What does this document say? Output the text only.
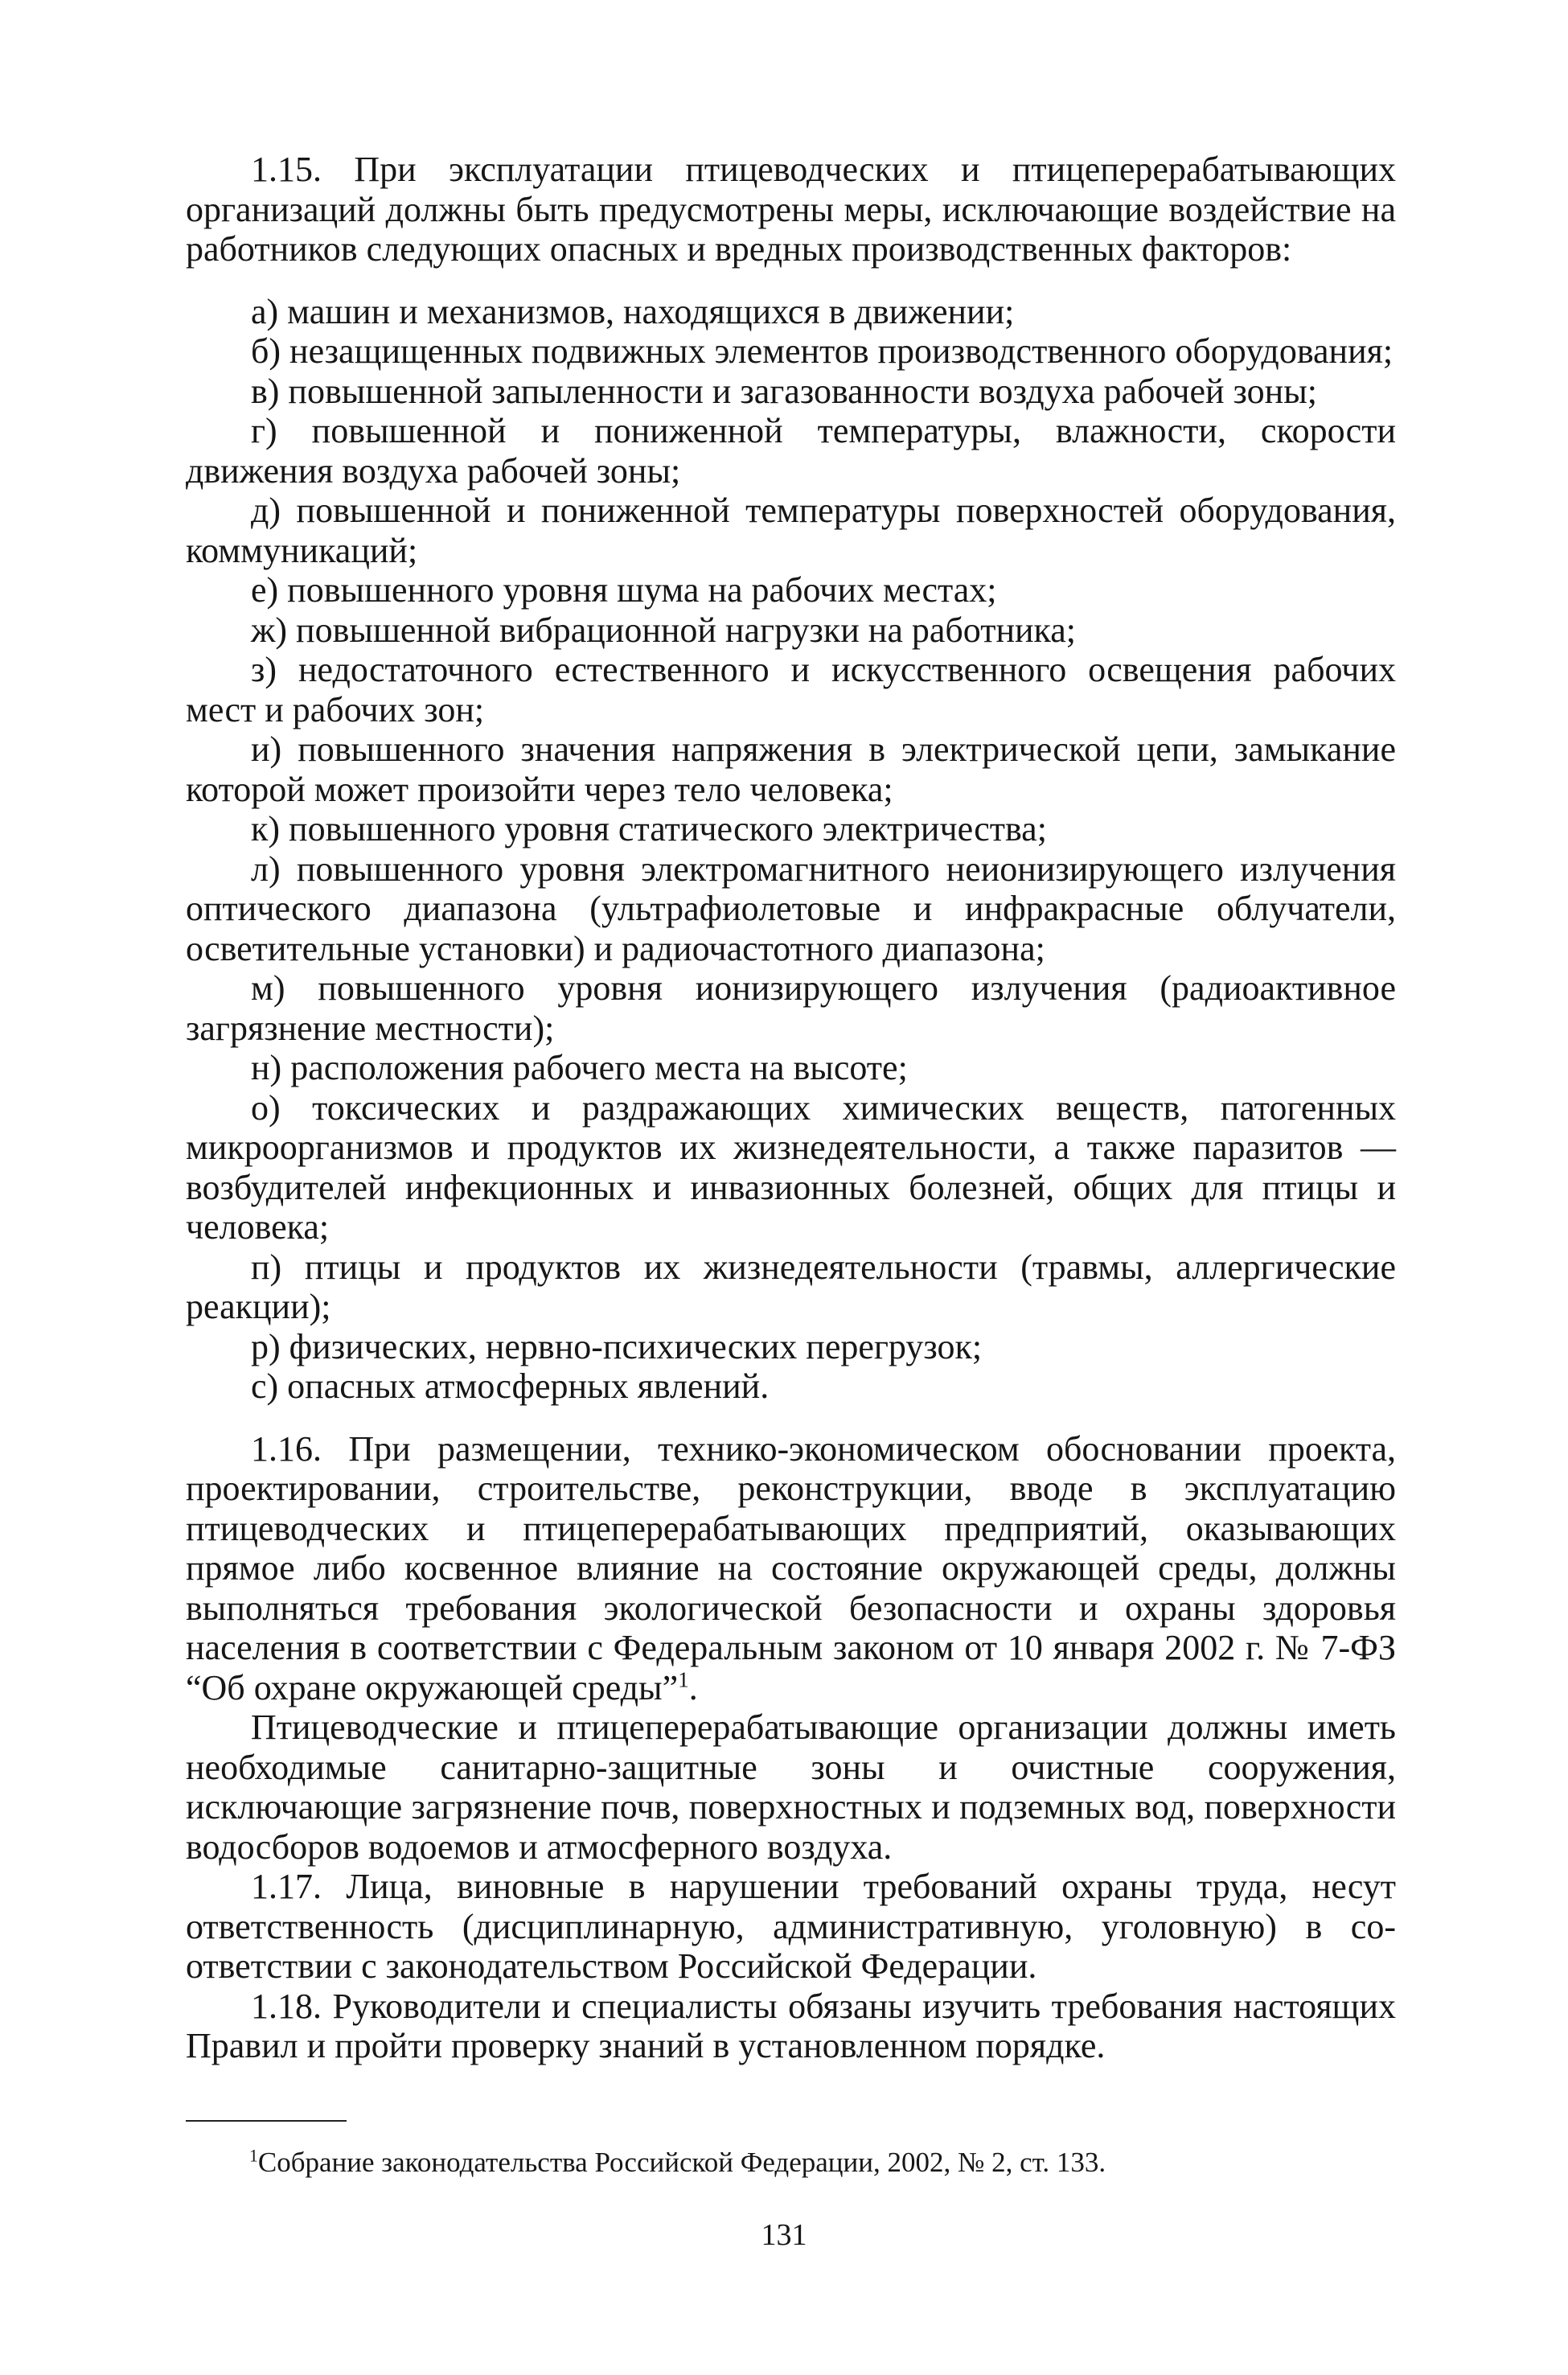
1.15. При эксплуатации птицеводческих и птицеперерабатывающих организаций должны быть предусмотрены меры, исключающие воздействие на работников следующих опасных и вредных производственных факторов:

а) машин и механизмов, находящихся в движении;

б) незащищенных подвижных элементов производственного оборудования;

в) повышенной запыленности и загазованности воздуха рабочей зоны;

г) повышенной и пониженной температуры, влажности, скорости движения воздуха рабочей зоны;

д) повышенной и пониженной температуры поверхностей оборудования, коммуникаций;

е) повышенного уровня шума на рабочих местах;

ж) повышенной вибрационной нагрузки на работника;

з) недостаточного естественного и искусственного освещения рабочих мест и рабочих зон;

и) повышенного значения напряжения в электрической цепи, замыкание которой может произойти через тело человека;

к) повышенного уровня статического электричества;

л) повышенного уровня электромагнитного неионизирующего излучения оптического диапазона (ультрафиолетовые и инфракрасные облучатели, осветительные установки) и радиочастотного диапазона;

м) повышенного уровня ионизирующего излучения (радиоактивное загрязнение местности);

н) расположения рабочего места на высоте;

о) токсических и раздражающих химических веществ, патогенных микроорганизмов и продуктов их жизнедеятельности, а также паразитов — возбудителей инфекционных и инвазионных болезней, общих для птицы и человека;

п) птицы и продуктов их жизнедеятельности (травмы, аллергические реакции);

р) физических, нервно-психических перегрузок;

с) опасных атмосферных явлений.

1.16. При размещении, технико-экономическом обосновании проекта, проектировании, строительстве, реконструкции, вводе в эксплуатацию птицеводческих и птицеперерабатывающих предприятий, оказывающих прямое либо косвенное влияние на состояние окружающей среды, должны выполняться требования экологической безопасности и охраны здоровья населения в соответствии с Федеральным законом от 10 января 2002 г. № 7-ФЗ “Об охране окружающей среды”$^1$.

Птицеводческие и птицеперерабатывающие организации должны иметь необходимые санитарно-защитные зоны и очистные сооружения, исключающие загрязнение почв, поверхностных и подземных вод, поверхности водосборов водоемов и атмосферного воздуха.

1.17. Лица, виновные в нарушении требований охраны труда, несут ответственность (дисциплинарную, административную, уголовную) в соответствии с законодательством Российской Федерации.

1.18. Руководители и специалисты обязаны изучить требования настоящих Правил и пройти проверку знаний в установленном порядке.

$^1$Собрание законодательства Российской Федерации, 2002, № 2, ст. 133.
131
